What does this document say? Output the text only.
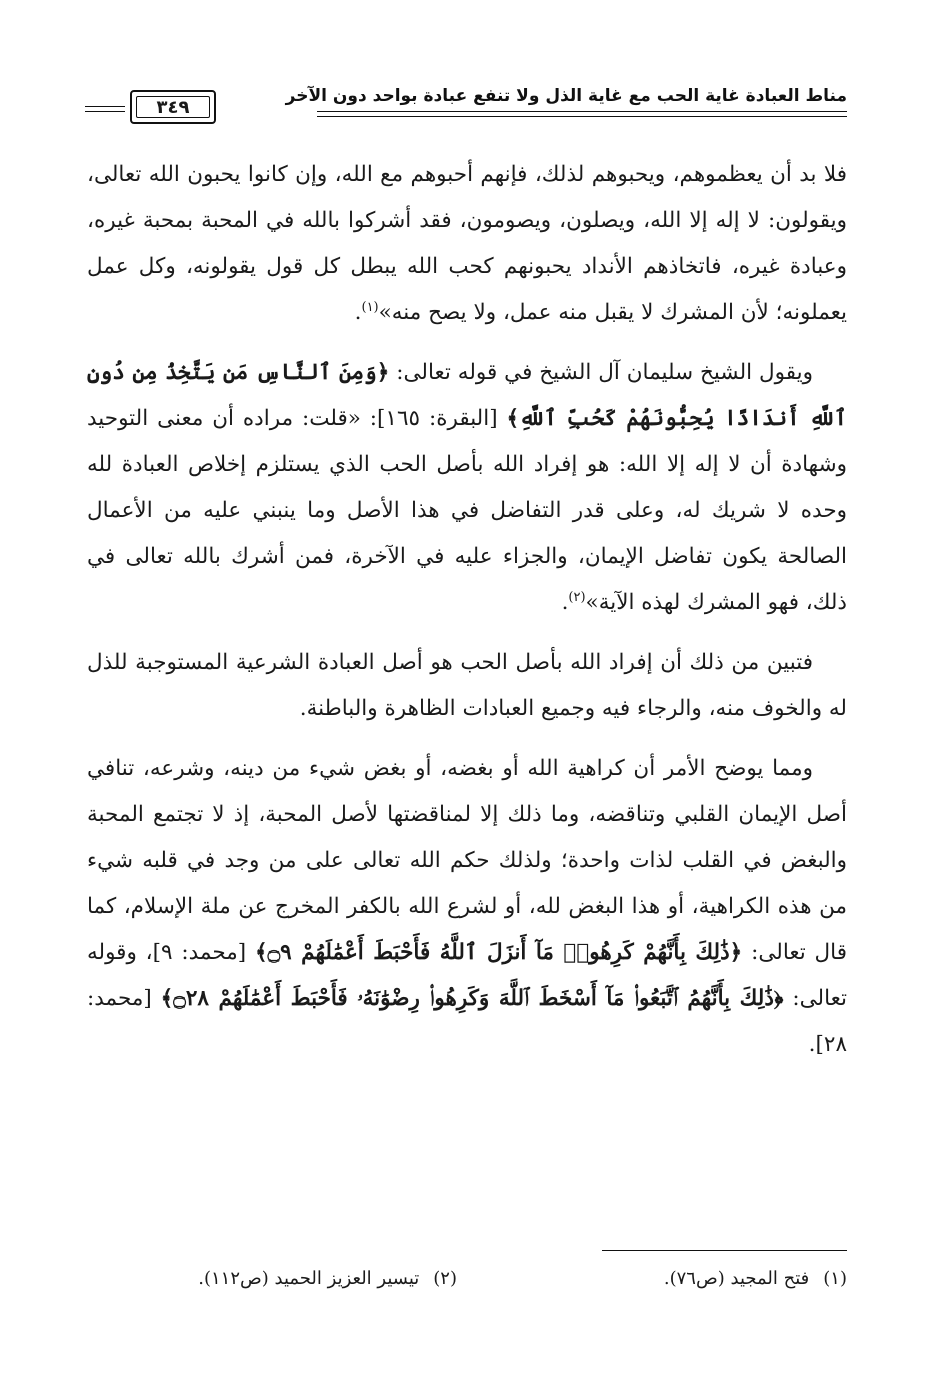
مناط العبادة غاية الحب مع غاية الذل ولا تنفع عبادة بواحد دون الآخر
٣٤٩

فلا بد أن يعظموهم، ويحبوهم لذلك، فإنهم أحبوهم مع الله، وإن كانوا يحبون الله تعالى، ويقولون: لا إله إلا الله، ويصلون، ويصومون، فقد أشركوا بالله في المحبة بمحبة غيره، وعبادة غيره، فاتخاذهم الأنداد يحبونهم كحب الله يبطل كل قول يقولونه، وكل عمل يعملونه؛ لأن المشرك لا يقبل منه عمل، ولا يصح منه»$^{(١)}$.

ويقول الشيخ سليمان آل الشيخ في قوله تعالى: ﴿وَمِنَ ٱلنَّاسِ مَن يَتَّخِذُ مِن دُونِ ٱللَّهِ أَندَادًا يُحِبُّونَهُمْ كَحُبِّ ٱللَّهِ﴾ [البقرة: ١٦٥]: «قلت: مراده أن معنى التوحيد وشهادة أن لا إله إلا الله: هو إفراد الله بأصل الحب الذي يستلزم إخلاص العبادة لله وحده لا شريك له، وعلى قدر التفاضل في هذا الأصل وما ينبني عليه من الأعمال الصالحة يكون تفاضل الإيمان، والجزاء عليه في الآخرة، فمن أشرك بالله تعالى في ذلك، فهو المشرك لهذه الآية»$^{(٢)}$.

فتبين من ذلك أن إفراد الله بأصل الحب هو أصل العبادة الشرعية المستوجبة للذل له والخوف منه، والرجاء فيه وجميع العبادات الظاهرة والباطنة.

ومما يوضح الأمر أن كراهية الله أو بغضه، أو بغض شيء من دينه، وشرعه، تنافي أصل الإيمان القلبي وتناقضه، وما ذلك إلا لمناقضتها لأصل المحبة، إذ لا تجتمع المحبة والبغض في القلب لذات واحدة؛ ولذلك حكم الله تعالى على من وجد في قلبه شيء من هذه الكراهية، أو هذا البغض لله، أو لشرع الله بالكفر المخرج عن ملة الإسلام، كما قال تعالى: ﴿ذَٰلِكَ بِأَنَّهُمْ كَرِهُوا۟ مَآ أَنزَلَ ٱللَّهُ فَأَحْبَطَ أَعْمَٰلَهُمْ ۝٩﴾ [محمد: ٩]، وقوله تعالى: ﴿ذَٰلِكَ بِأَنَّهُمُ ٱتَّبَعُوا۟ مَآ أَسْخَطَ ٱللَّهَ وَكَرِهُوا۟ رِضْوَٰنَهُۥ فَأَحْبَطَ أَعْمَٰلَهُمْ ۝٢٨﴾ [محمد: ٢٨].

(١)فتح المجيد (ص٧٦).
(٢)تيسير العزيز الحميد (ص١١٢).
